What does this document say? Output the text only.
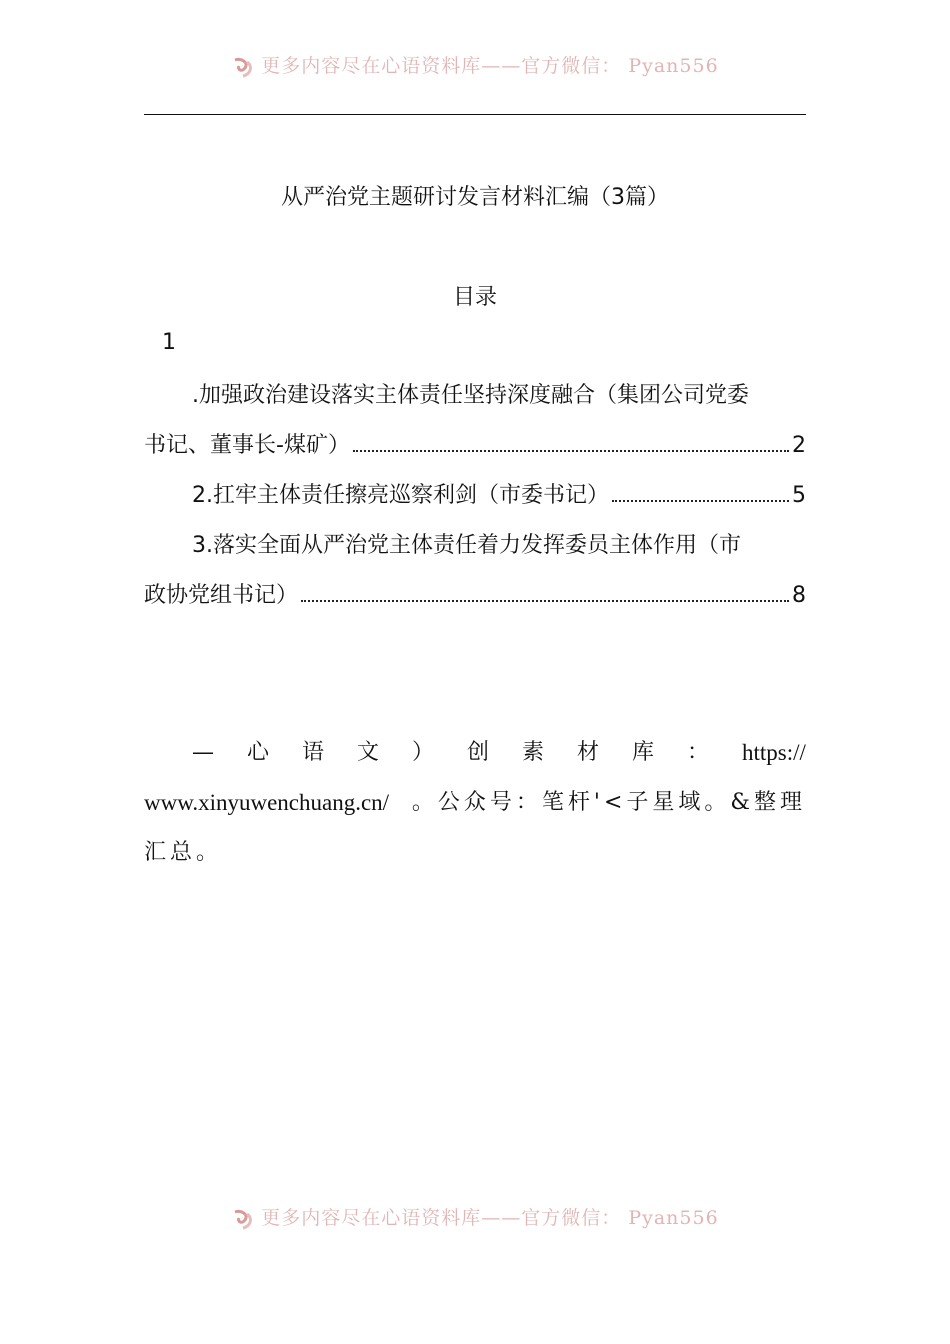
更多内容尽在心语资料库——官方微信： Pyan556
从严治党主题研讨发言材料汇编（3篇）
目录
1
.加强政治建设落实主体责任坚持深度融合（集团公司党委
书记、董事长-煤矿）	2
2.扛牢主体责任擦亮巡察利剑（市委书记）	5
3.落实全面从严治党主体责任着力发挥委员主体作用（市
政协党组书记）	8
— 心 语 文 ） 创 素 材 库 ： https://
www.xinyuwenchuang.cn/ 。公众号：笔杆'<子星域。&整理
汇总。
更多内容尽在心语资料库——官方微信： Pyan556
